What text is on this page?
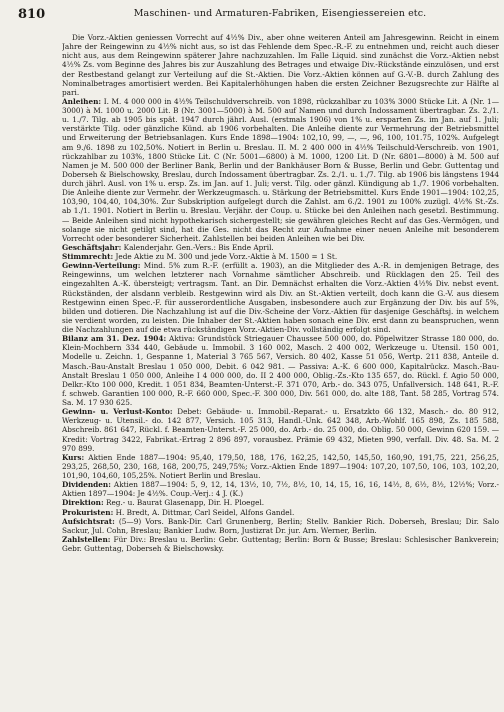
810	Maschinen- und Armaturen-Fabriken, Eisengiessereien etc.

Die Vorz.-Aktien geniessen Vorrecht auf 4½% Div., aber ohne weiteren Anteil am Jahresgewinn. Reicht in einem Jahre der Reingewinn zu 4½% nicht aus, so ist das Fehlende dem Spec.-R.-F. zu entnehmen und, reicht auch dieser nicht aus, aus dem Reingewinn späterer Jahre nachzuzahlen. Im Falle Liquid. sind zunächst die Vorz.-Aktien nebst 4½% Zs. vom Beginne des Jahres bis zur Auszahlung des Betrages und etwaige Div.-Rückstände einzulösen, und erst der Restbestand gelangt zur Verteilung auf die St.-Aktien. Die Vorz.-Aktien können auf G.-V.-B. durch Zahlung des Nominalbetrages amortisiert werden. Bei Kapitalerhöhungen haben die ersten Zeichner Bezugsrechte zur Hälfte al pari.

Anleihen: I. M. 4 000 000 in 4½% Teilschuldverschreib. von 1898, rückzahlbar zu 103% 3000 Stücke Lit. A (Nr. 1—3000) à M. 1000 u. 2000 Lit. B (Nr. 3001—5000) à M. 500 auf Namen und durch Indossament übertragbar. Zs. 2./1. u. 1./7. Tilg. ab 1905 bis spät. 1947 durch jährl. Ausl. (erstmals 1906) von 1% u. ersparten Zs. im Jan. auf 1. Juli; verstärkte Tilg. oder gänzliche Künd. ab 1906 vorbehalten. Die Anleihe diente zur Vermehrung der Betriebsmittel und Erweiterung der Betriebsanlagen. Kurs Ende 1898—1904: 102,10, 99, —, —, 96, 100, 101.75, 102%. Aufgelegt am 9./6. 1898 zu 102,50%. Notiert in Berlin u. Breslau. II. M. 2 400 000 in 4½% Teilschuld-Verschreib. von 1901, rückzahlbar zu 103%, 1800 Stücke Lit. C (Nr. 5001—6800) à M. 1000, 1200 Lit. D (Nr. 6801—8000) à M. 500 auf Namen je M. 500 000 der Berliner Bank, Berlin und der Bankhäuser Born & Busse, Berlin und Gebr. Guttentag und Doberseh & Bielschowsky, Breslau, durch Indossament übertragbar. Zs. 2./1. u. 1./7. Tilg. ab 1906 bis längstens 1944 durch jährl. Ausl. von 1% u. ersp. Zs. im Jan. auf 1. Juli; verst. Tilg. oder gänzl. Kündigung ab 1./7. 1906 vorbehalten. Die Anleihe diente zur Vermehr. der Werkzeugmasch. u. Stärkung der Betriebsmittel. Kurs Ende 1901—1904: 102,25, 103,90, 104,40, 104,30%. Zur Subskription aufgelegt durch die Zahlst. am 6./2. 1901 zu 100% zuzügl. 4½% St.-Zs. ab 1./1. 1901. Notiert in Berlin u. Breslau. Verjähr. der Coup. u. Stücke bei den Anleihen nach gesetzl. Bestimmung. — Beide Anleihen sind nicht hypothekarisch sichergestellt; sie gewähren gleiches Recht auf das Ges.-Vermögen, und solange sie nicht getilgt sind, hat die Ges. nicht das Recht zur Aufnahme einer neuen Anleihe mit besonderem Vorrecht oder besonderer Sicherheit. Zahlstellen bei beiden Anleihen wie bei Div.

Geschäftsjahr: Kalenderjahr. Gen.-Vers.: Bis Ende April.

Stimmrecht: Jede Aktie zu M. 300 und jede Vorz.-Aktie à M. 1500 = 1 St.

Gewinn-Verteilung: Mind. 5% zum R.-F. (erfüllt a. 1903), an die Mitglieder des A.-R. in demjenigen Betrage, des Reingewinns, um welchen letzterer nach Vornahme sämtlicher Abschreib. und Rücklagen den 25. Teil des eingezahlten A.-K. übersteigt; vertragsm. Tant. an Dir. Demnächst erhalten die Vorz.-Aktien 4½% Div. nebst event. Rückständen, der alsdann verbleib. Restgewinn wird als Div. an St.-Aktien verteilt, doch kann die G.-V. aus diesem Restgewinn einen Spec.-F. für ausserordentliche Ausgaben, insbesondere auch zur Ergänzung der Div. bis auf 5%, bilden und dotieren. Die Nachzahlung ist auf die Div.-Scheine der Vorz.-Aktien für dasjenige Geschäftsj. in welchem sie verdient worden, zu leisten. Die Inhaber der St.-Aktien haben sonach eine Div. erst dann zu beanspruchen, wenn die Nachzahlungen auf die etwa rückständigen Vorz.-Aktien-Div. vollständig erfolgt sind.

Bilanz am 31. Dez. 1904: Aktiva: Grundstück Striegauer Chaussee 500 000, do. Pöpelwitzer Strasse 180 000, do. Klein-Mochbern 334 440, Gebäude u. Immobil. 3 160 002, Masch. 2 400 002, Werkzeuge u. Utensil. 150 001, Modelle u. Zeichn. 1, Gespanne 1, Material 3 765 567, Versich. 80 402, Kasse 51 056, Wertp. 211 838, Anteile d. Masch.-Bau-Anstalt Breslau 1 050 000, Debit. 6 042 981. — Passiva: A.-K. 6 600 000, Kapitalrückz. Masch.-Bau-Anstalt Breslau 1 050 000, Anleihe I 4 000 000, do. II 2 400 000, Oblig.-Zs.-Kto 135 657, do. Rückl. f. Agio 50 000, Delkr.-Kto 100 000, Kredit. 1 051 834, Beamten-Unterst.-F. 371 070, Arb.- do. 343 075, Unfallversich. 148 641, R.-F. f. schweb. Garantien 100 000, R.-F. 660 000, Spec.-F. 300 000, Div. 561 000, do. alte 188, Tant. 58 285, Vortrag 574. Sa. M. 17 930 625.

Gewinn- u. Verlust-Konto: Debet: Gebäude- u. Immobil.-Reparat.- u. Ersatzkto 66 132, Masch.- do. 80 912, Werkzeug- u. Utensil.- do. 142 877, Versich. 105 313, Handl.-Unk. 642 348, Arb.-Wohlf. 165 898, Zs. 185 588, Abschreib. 861 647, Rückl. f. Beamten-Unterst.-F. 25 000, do. Arb.- do. 25 000, do. Oblig. 50 000, Gewinn 620 159. — Kredit: Vortrag 3422, Fabrikat.-Ertrag 2 896 897, vorausbez. Prämie 69 432, Mieten 990, verfall. Div. 48. Sa. M. 2 970 899.

Kurs: Aktien Ende 1887—1904: 95,40, 179,50, 188, 176, 162,25, 142,50, 145,50, 160,90, 191,75, 221, 256,25, 293,25, 268,50, 230, 168, 168, 200,75, 249,75%; Vorz.-Aktien Ende 1897—1904: 107,20, 107,50, 106, 103, 102,20, 101,90, 104,60, 105,25%. Notiert Berlin und Breslau.

Dividenden: Aktien 1887—1904: 5, 9, 12, 14, 13½, 10, 7½, 8½, 10, 14, 15, 16, 16, 14½, 8, 6½, 8½, 12½%; Vorz.-Aktien 1897—1904: Je 4½%. Coup.-Verj.: 4 J. (K.)

Direktion: Reg.- u. Baurat Glasenapp, Dir. H. Ploegel.

Prokuristen: H. Bredt, A. Dittmar, Carl Seidel, Alfons Gandel.

Aufsichtsrat: (5—9) Vors. Bank-Dir. Carl Grunenberg, Berlin; Stellv. Bankier Rich. Doberseh, Breslau; Dir. Salo Sackur, Jul. Cohn, Breslau; Bankier Ludw. Born, Justizrat Dr. jur. Arn. Werner, Berlin.

Zahlstellen: Für Div.: Breslau u. Berlin: Gebr. Guttentag; Berlin: Born & Busse; Breslau: Schlesischer Bankverein; Gebr. Guttentag, Doberseh & Bielschowsky.
